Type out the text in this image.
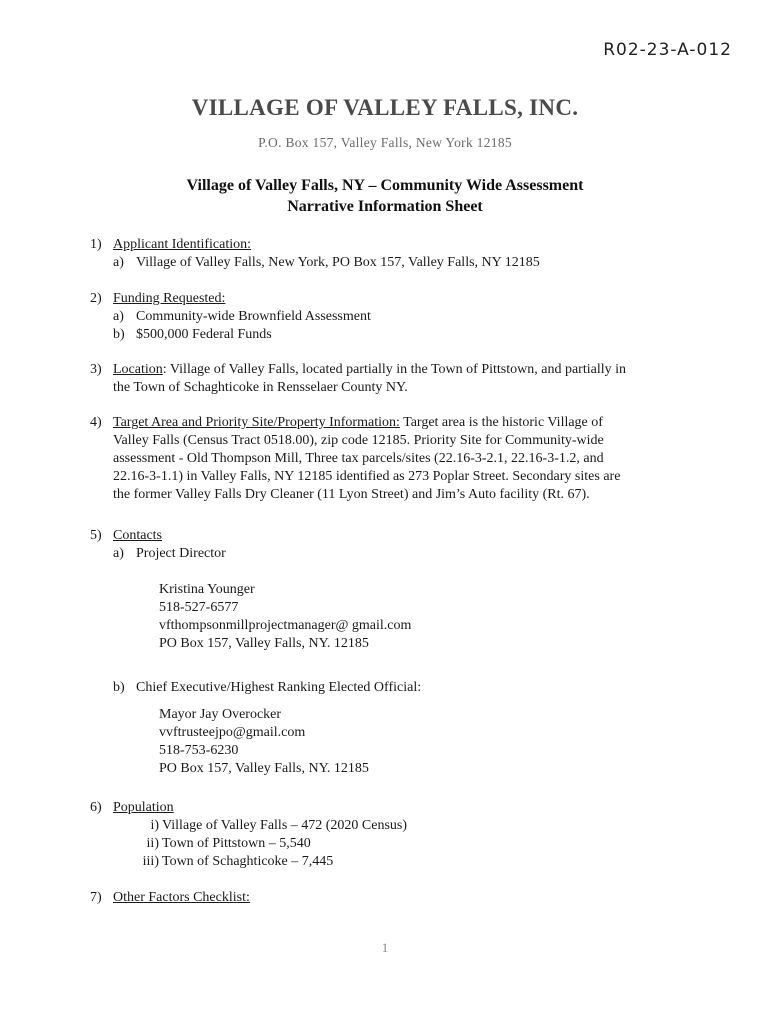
R02-23-A-012
VILLAGE OF VALLEY FALLS, INC.
P.O. Box 157, Valley Falls, New York 12185
Village of Valley Falls, NY – Community Wide Assessment
Narrative Information Sheet
1) Applicant Identification:
a) Village of Valley Falls, New York, PO Box 157, Valley Falls, NY 12185
2) Funding Requested:
a) Community-wide Brownfield Assessment
b) $500,000 Federal Funds
3) Location: Village of Valley Falls, located partially in the Town of Pittstown, and partially in
the Town of Schaghticoke in Rensselaer County NY.
4) Target Area and Priority Site/Property Information: Target area is the historic Village of
Valley Falls (Census Tract 0518.00), zip code 12185. Priority Site for Community-wide
assessment - Old Thompson Mill, Three tax parcels/sites (22.16-3-2.1, 22.16-3-1.2, and
22.16-3-1.1) in Valley Falls, NY 12185 identified as 273 Poplar Street. Secondary sites are
the former Valley Falls Dry Cleaner (11 Lyon Street) and Jim’s Auto facility (Rt. 67).
5) Contacts
a) Project Director
b) Chief Executive/Highest Ranking Elected Official:
Kristina Younger
518-527-6577
vfthompsonmillprojectmanager@ gmail.com
PO Box 157, Valley Falls, NY. 12185
Mayor Jay Overocker
vvftrusteejpo@gmail.com
518-753-6230
PO Box 157, Valley Falls, NY. 12185
6) Population
i) Village of Valley Falls – 472 (2020 Census)
ii) Town of Pittstown – 5,540
iii) Town of Schaghticoke – 7,445
7) Other Factors Checklist:
1
